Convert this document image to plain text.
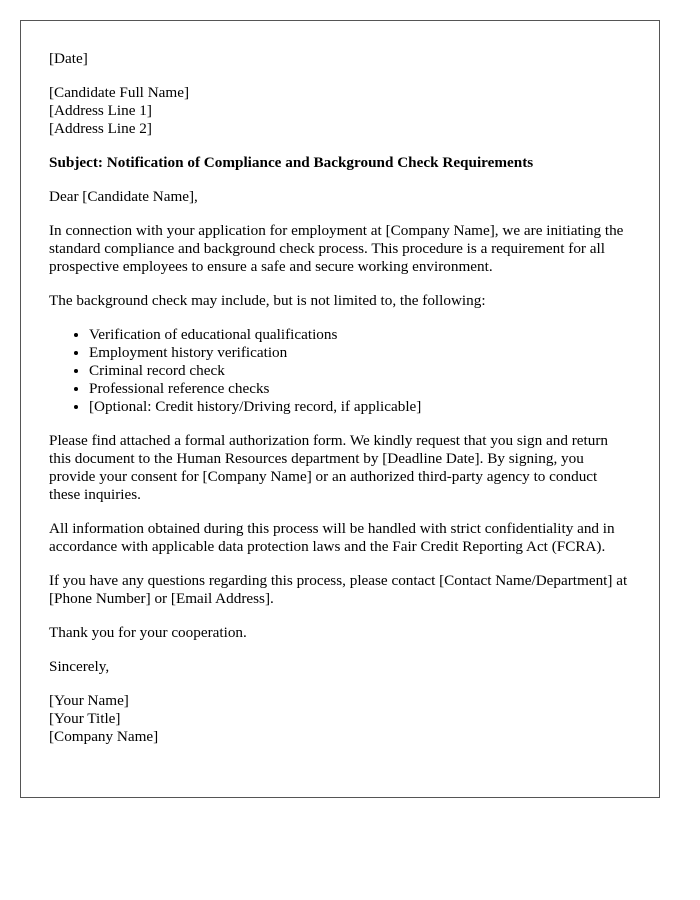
[Date]
[Candidate Full Name]
[Address Line 1]
[Address Line 2]

Subject: Notification of Compliance and Background Check Requirements

Dear [Candidate Name],

In connection with your application for employment at [Company Name], we are initiating the standard compliance and background check process. This procedure is a requirement for all prospective employees to ensure a safe and secure working environment.

The background check may include, but is not limited to, the following:

• Verification of educational qualifications
• Employment history verification
• Criminal record check
• Professional reference checks
• [Optional: Credit history/Driving record, if applicable]

Please find attached a formal authorization form. We kindly request that you sign and return this document to the Human Resources department by [Deadline Date]. By signing, you provide your consent for [Company Name] or an authorized third-party agency to conduct these inquiries.

All information obtained during this process will be handled with strict confidentiality and in accordance with applicable data protection laws and the Fair Credit Reporting Act (FCRA).

If you have any questions regarding this process, please contact [Contact Name/Department] at [Phone Number] or [Email Address].

Thank you for your cooperation.

Sincerely,

[Your Name]
[Your Title]
[Company Name]
